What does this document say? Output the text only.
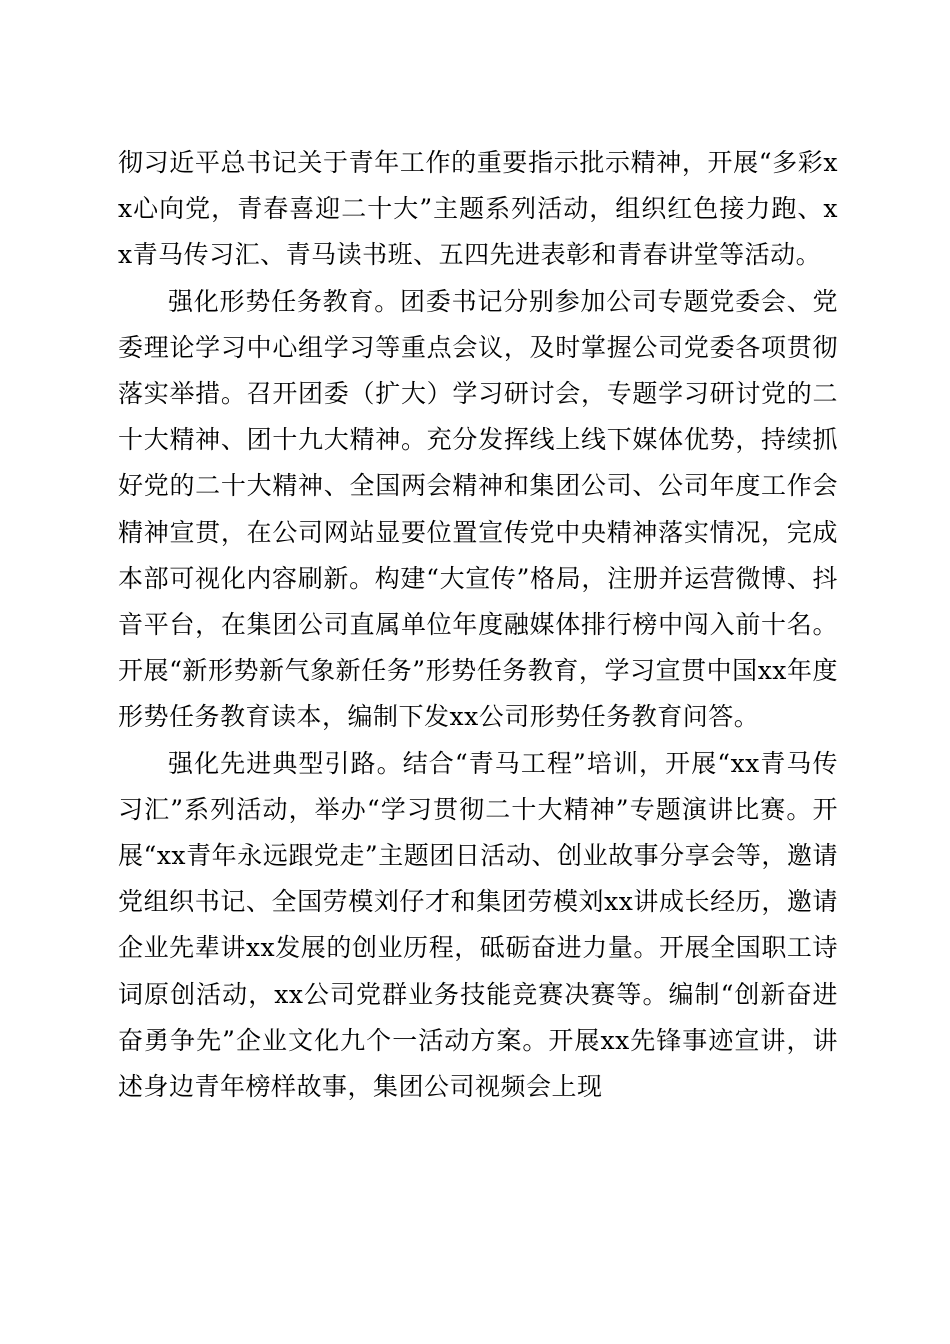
彻习近平总书记关于青年工作的重要指示批示精神，开展“多彩xx心向党，青春喜迎二十大”主题系列活动，组织红色接力跑、xx青马传习汇、青马读书班、五四先进表彰和青春讲堂等活动。

强化形势任务教育。团委书记分别参加公司专题党委会、党委理论学习中心组学习等重点会议，及时掌握公司党委各项贯彻落实举措。召开团委（扩大）学习研讨会，专题学习研讨党的二十大精神、团十九大精神。充分发挥线上线下媒体优势，持续抓好党的二十大精神、全国两会精神和集团公司、公司年度工作会精神宣贯，在公司网站显要位置宣传党中央精神落实情况，完成本部可视化内容刷新。构建“大宣传”格局，注册并运营微博、抖音平台，在集团公司直属单位年度融媒体排行榜中闯入前十名。开展“新形势新气象新任务”形势任务教育，学习宣贯中国xx年度形势任务教育读本，编制下发xx公司形势任务教育问答。

强化先进典型引路。结合“青马工程”培训，开展“xx青马传习汇”系列活动，举办“学习贯彻二十大精神”专题演讲比赛。开展“xx青年永远跟党走”主题团日活动、创业故事分享会等，邀请党组织书记、全国劳模刘仔才和集团劳模刘xx讲成长经历，邀请企业先辈讲xx发展的创业历程，砥砺奋进力量。开展全国职工诗词原创活动，xx公司党群业务技能竞赛决赛等。编制“创新奋进奋勇争先”企业文化九个一活动方案。开展xx先锋事迹宣讲，讲述身边青年榜样故事，集团公司视频会上现
